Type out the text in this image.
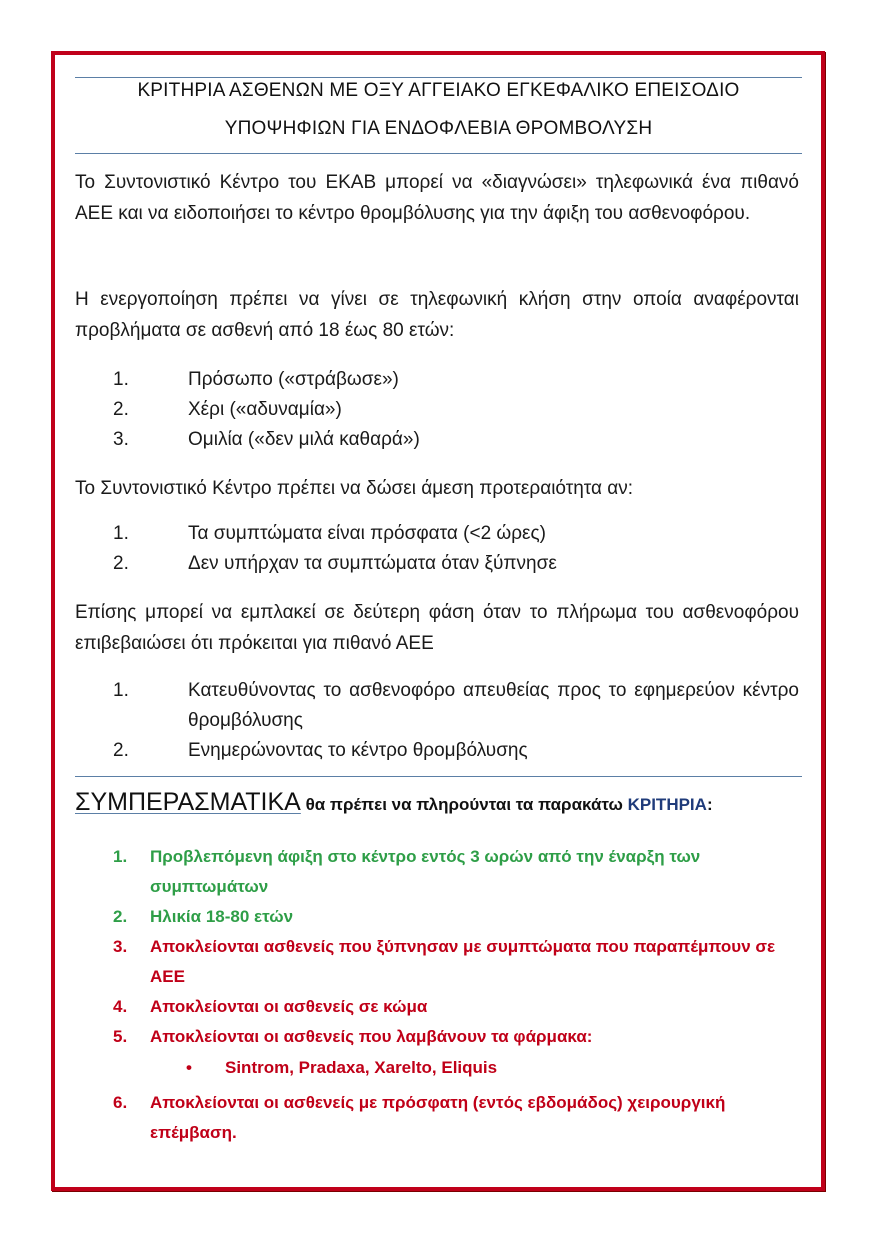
ΚΡΙΤΗΡΙΑ ΑΣΘΕΝΩΝ ΜΕ ΟΞΥ ΑΓΓΕΙΑΚΟ ΕΓΚΕΦΑΛΙΚΟ ΕΠΕΙΣΟΔΙΟ
ΥΠΟΨΗΦΙΩΝ ΓΙΑ ΕΝΔΟΦΛΕΒΙΑ ΘΡΟΜΒΟΛΥΣΗ
Το Συντονιστικό Κέντρο του ΕΚΑΒ μπορεί να «διαγνώσει» τηλεφωνικά ένα πιθανό ΑΕΕ και να ειδοποιήσει το κέντρο θρομβόλυσης για την άφιξη του ασθενοφόρου.
Η ενεργοποίηση πρέπει να γίνει σε τηλεφωνική κλήση στην οποία αναφέρονται προβλήματα σε ασθενή από 18 έως 80 ετών:
1.	Πρόσωπο («στράβωσε»)
2.	Χέρι («αδυναμία»)
3.	Ομιλία («δεν μιλά καθαρά»)
Το Συντονιστικό Κέντρο πρέπει να δώσει άμεση προτεραιότητα αν:
1.	Τα συμπτώματα είναι πρόσφατα (<2 ώρες)
2.	Δεν υπήρχαν τα συμπτώματα όταν ξύπνησε
Επίσης μπορεί να εμπλακεί σε δεύτερη φάση όταν το πλήρωμα του ασθενοφόρου επιβεβαιώσει ότι πρόκειται για πιθανό ΑΕΕ
1.	Κατευθύνοντας το ασθενοφόρο απευθείας προς το εφημερεύον κέντρο θρομβόλυσης
2.	Ενημερώνοντας το κέντρο θρομβόλυσης
ΣΥΜΠΕΡΑΣΜΑΤΙΚΑ θα πρέπει να πληρούνται τα παρακάτω ΚΡΙΤΗΡΙΑ:
1. Προβλεπόμενη άφιξη στο κέντρο εντός 3 ωρών από την έναρξη των συμπτωμάτων
2. Ηλικία 18-80 ετών
3. Αποκλείονται ασθενείς που ξύπνησαν με συμπτώματα που παραπέμπουν σε ΑΕΕ
4. Αποκλείονται οι ασθενείς σε κώμα
5. Αποκλείονται οι ασθενείς που λαμβάνουν τα φάρμακα:
• Sintrom, Pradaxa, Xarelto, Eliquis
6. Αποκλείονται οι ασθενείς με πρόσφατη (εντός εβδομάδος) χειρουργική επέμβαση.
